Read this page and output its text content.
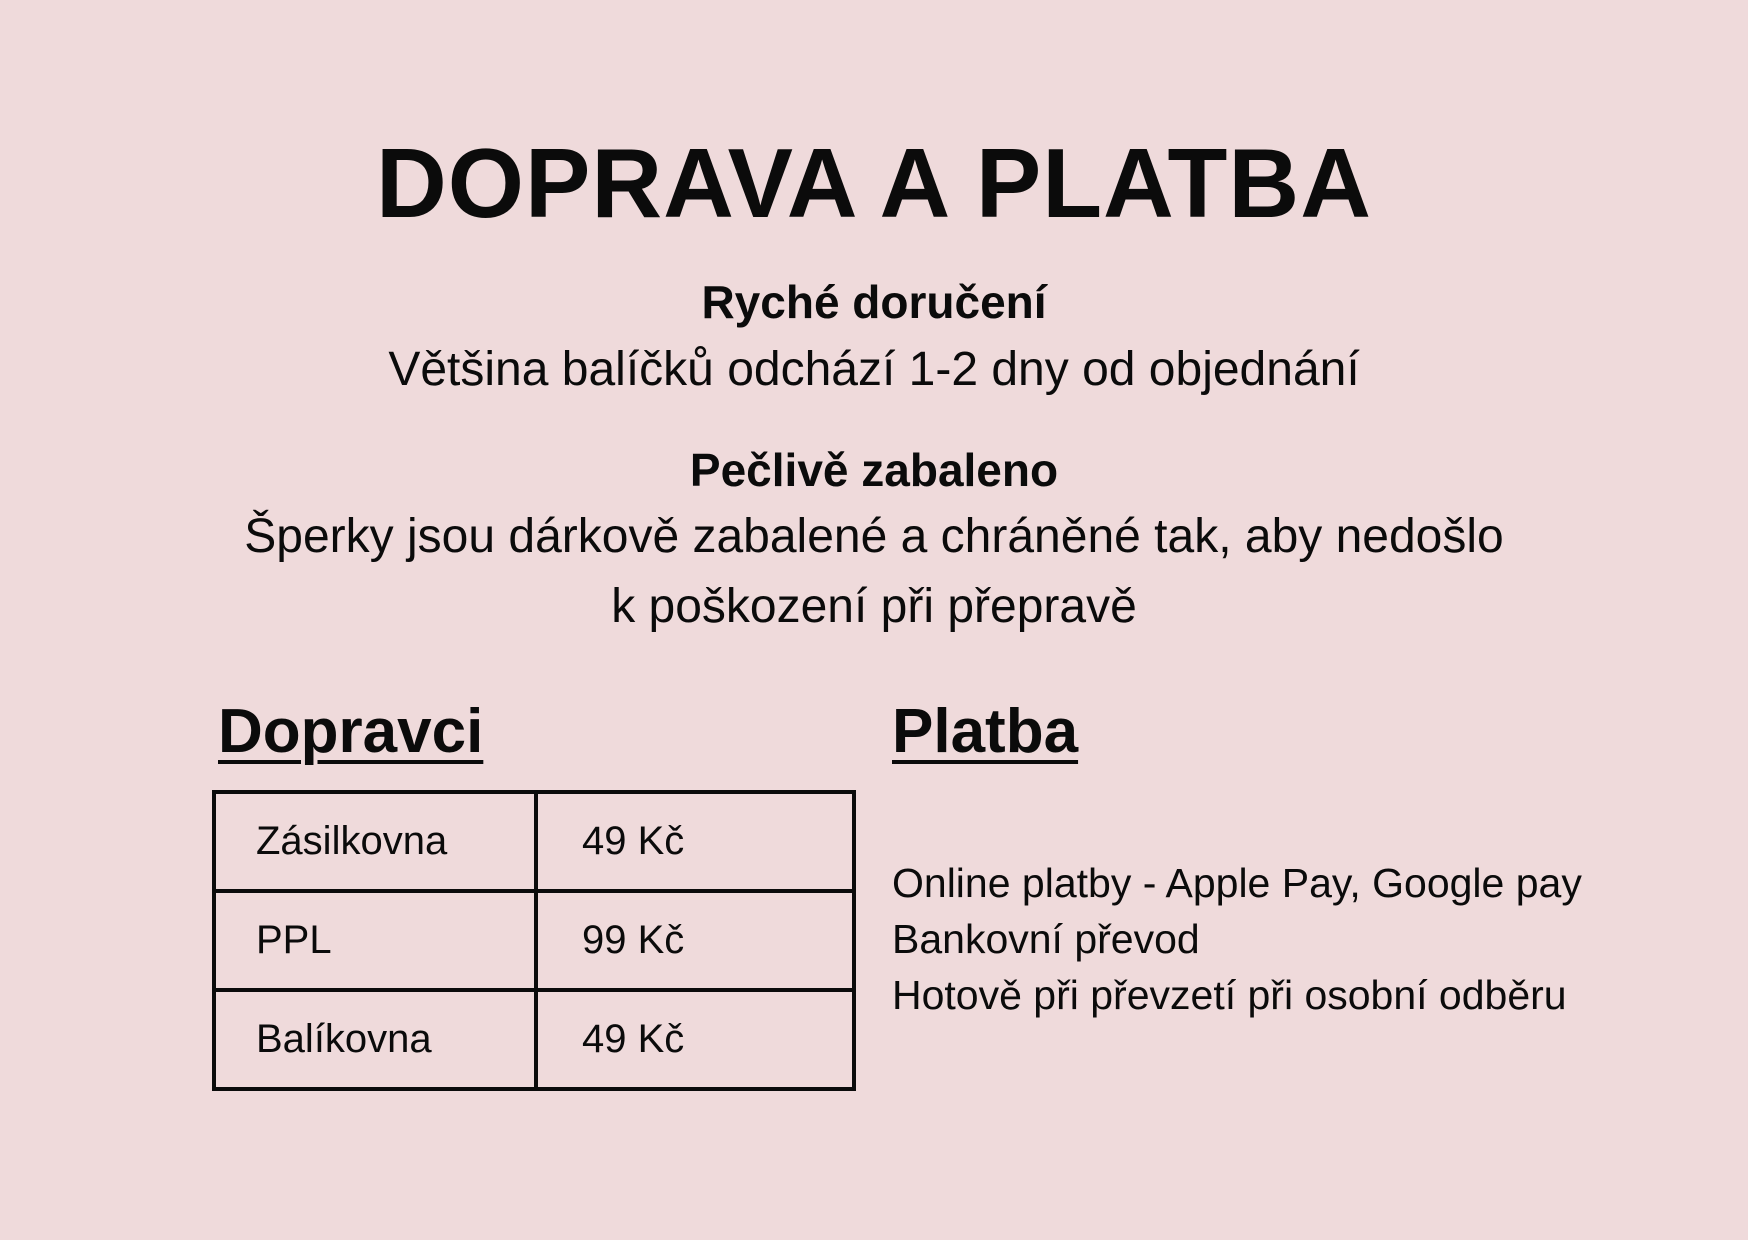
DOPRAVA A PLATBA
Ryché doručení
Většina balíčků odchází 1-2 dny od objednání
Pečlivě zabaleno
Šperky jsou dárkově zabalené a chráněné tak, aby nedošlo
k poškození při přepravě
Dopravci
Zásilkovna	49 Kč
PPL	99 Kč
Balíkovna	49 Kč
Platba
Online platby - Apple Pay, Google pay
Bankovní převod
Hotově při převzetí při osobní odběru
